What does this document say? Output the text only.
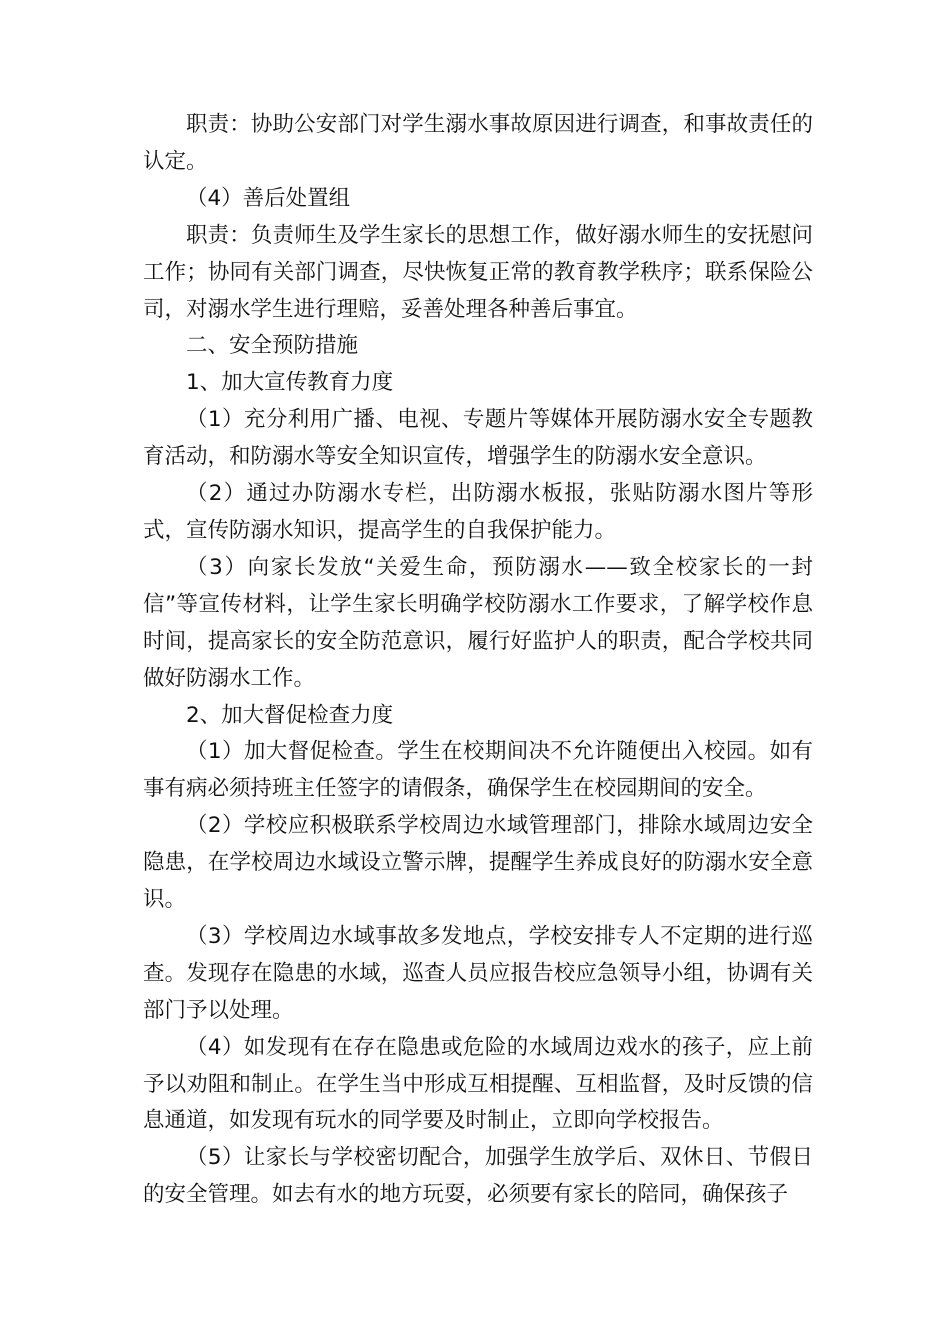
职责：协助公安部门对学生溺水事故原因进行调查，和事故责任的认定。

（4）善后处置组

职责：负责师生及学生家长的思想工作，做好溺水师生的安抚慰问工作；协同有关部门调查，尽快恢复正常的教育教学秩序；联系保险公司，对溺水学生进行理赔，妥善处理各种善后事宜。

二、安全预防措施

1、加大宣传教育力度

（1）充分利用广播、电视、专题片等媒体开展防溺水安全专题教育活动，和防溺水等安全知识宣传，增强学生的防溺水安全意识。

（2）通过办防溺水专栏，出防溺水板报，张贴防溺水图片等形式，宣传防溺水知识，提高学生的自我保护能力。

（3）向家长发放“关爱生命，预防溺水——致全校家长的一封信”等宣传材料，让学生家长明确学校防溺水工作要求，了解学校作息时间，提高家长的安全防范意识，履行好监护人的职责，配合学校共同做好防溺水工作。

2、加大督促检查力度

（1）加大督促检查。学生在校期间决不允许随便出入校园。如有事有病必须持班主任签字的请假条，确保学生在校园期间的安全。

（2）学校应积极联系学校周边水域管理部门，排除水域周边安全隐患，在学校周边水域设立警示牌，提醒学生养成良好的防溺水安全意识。

（3）学校周边水域事故多发地点，学校安排专人不定期的进行巡查。发现存在隐患的水域，巡查人员应报告校应急领导小组，协调有关部门予以处理。

（4）如发现有在存在隐患或危险的水域周边戏水的孩子，应上前予以劝阻和制止。在学生当中形成互相提醒、互相监督，及时反馈的信息通道，如发现有玩水的同学要及时制止，立即向学校报告。

（5）让家长与学校密切配合，加强学生放学后、双休日、节假日的安全管理。如去有水的地方玩耍，必须要有家长的陪同，确保孩子
